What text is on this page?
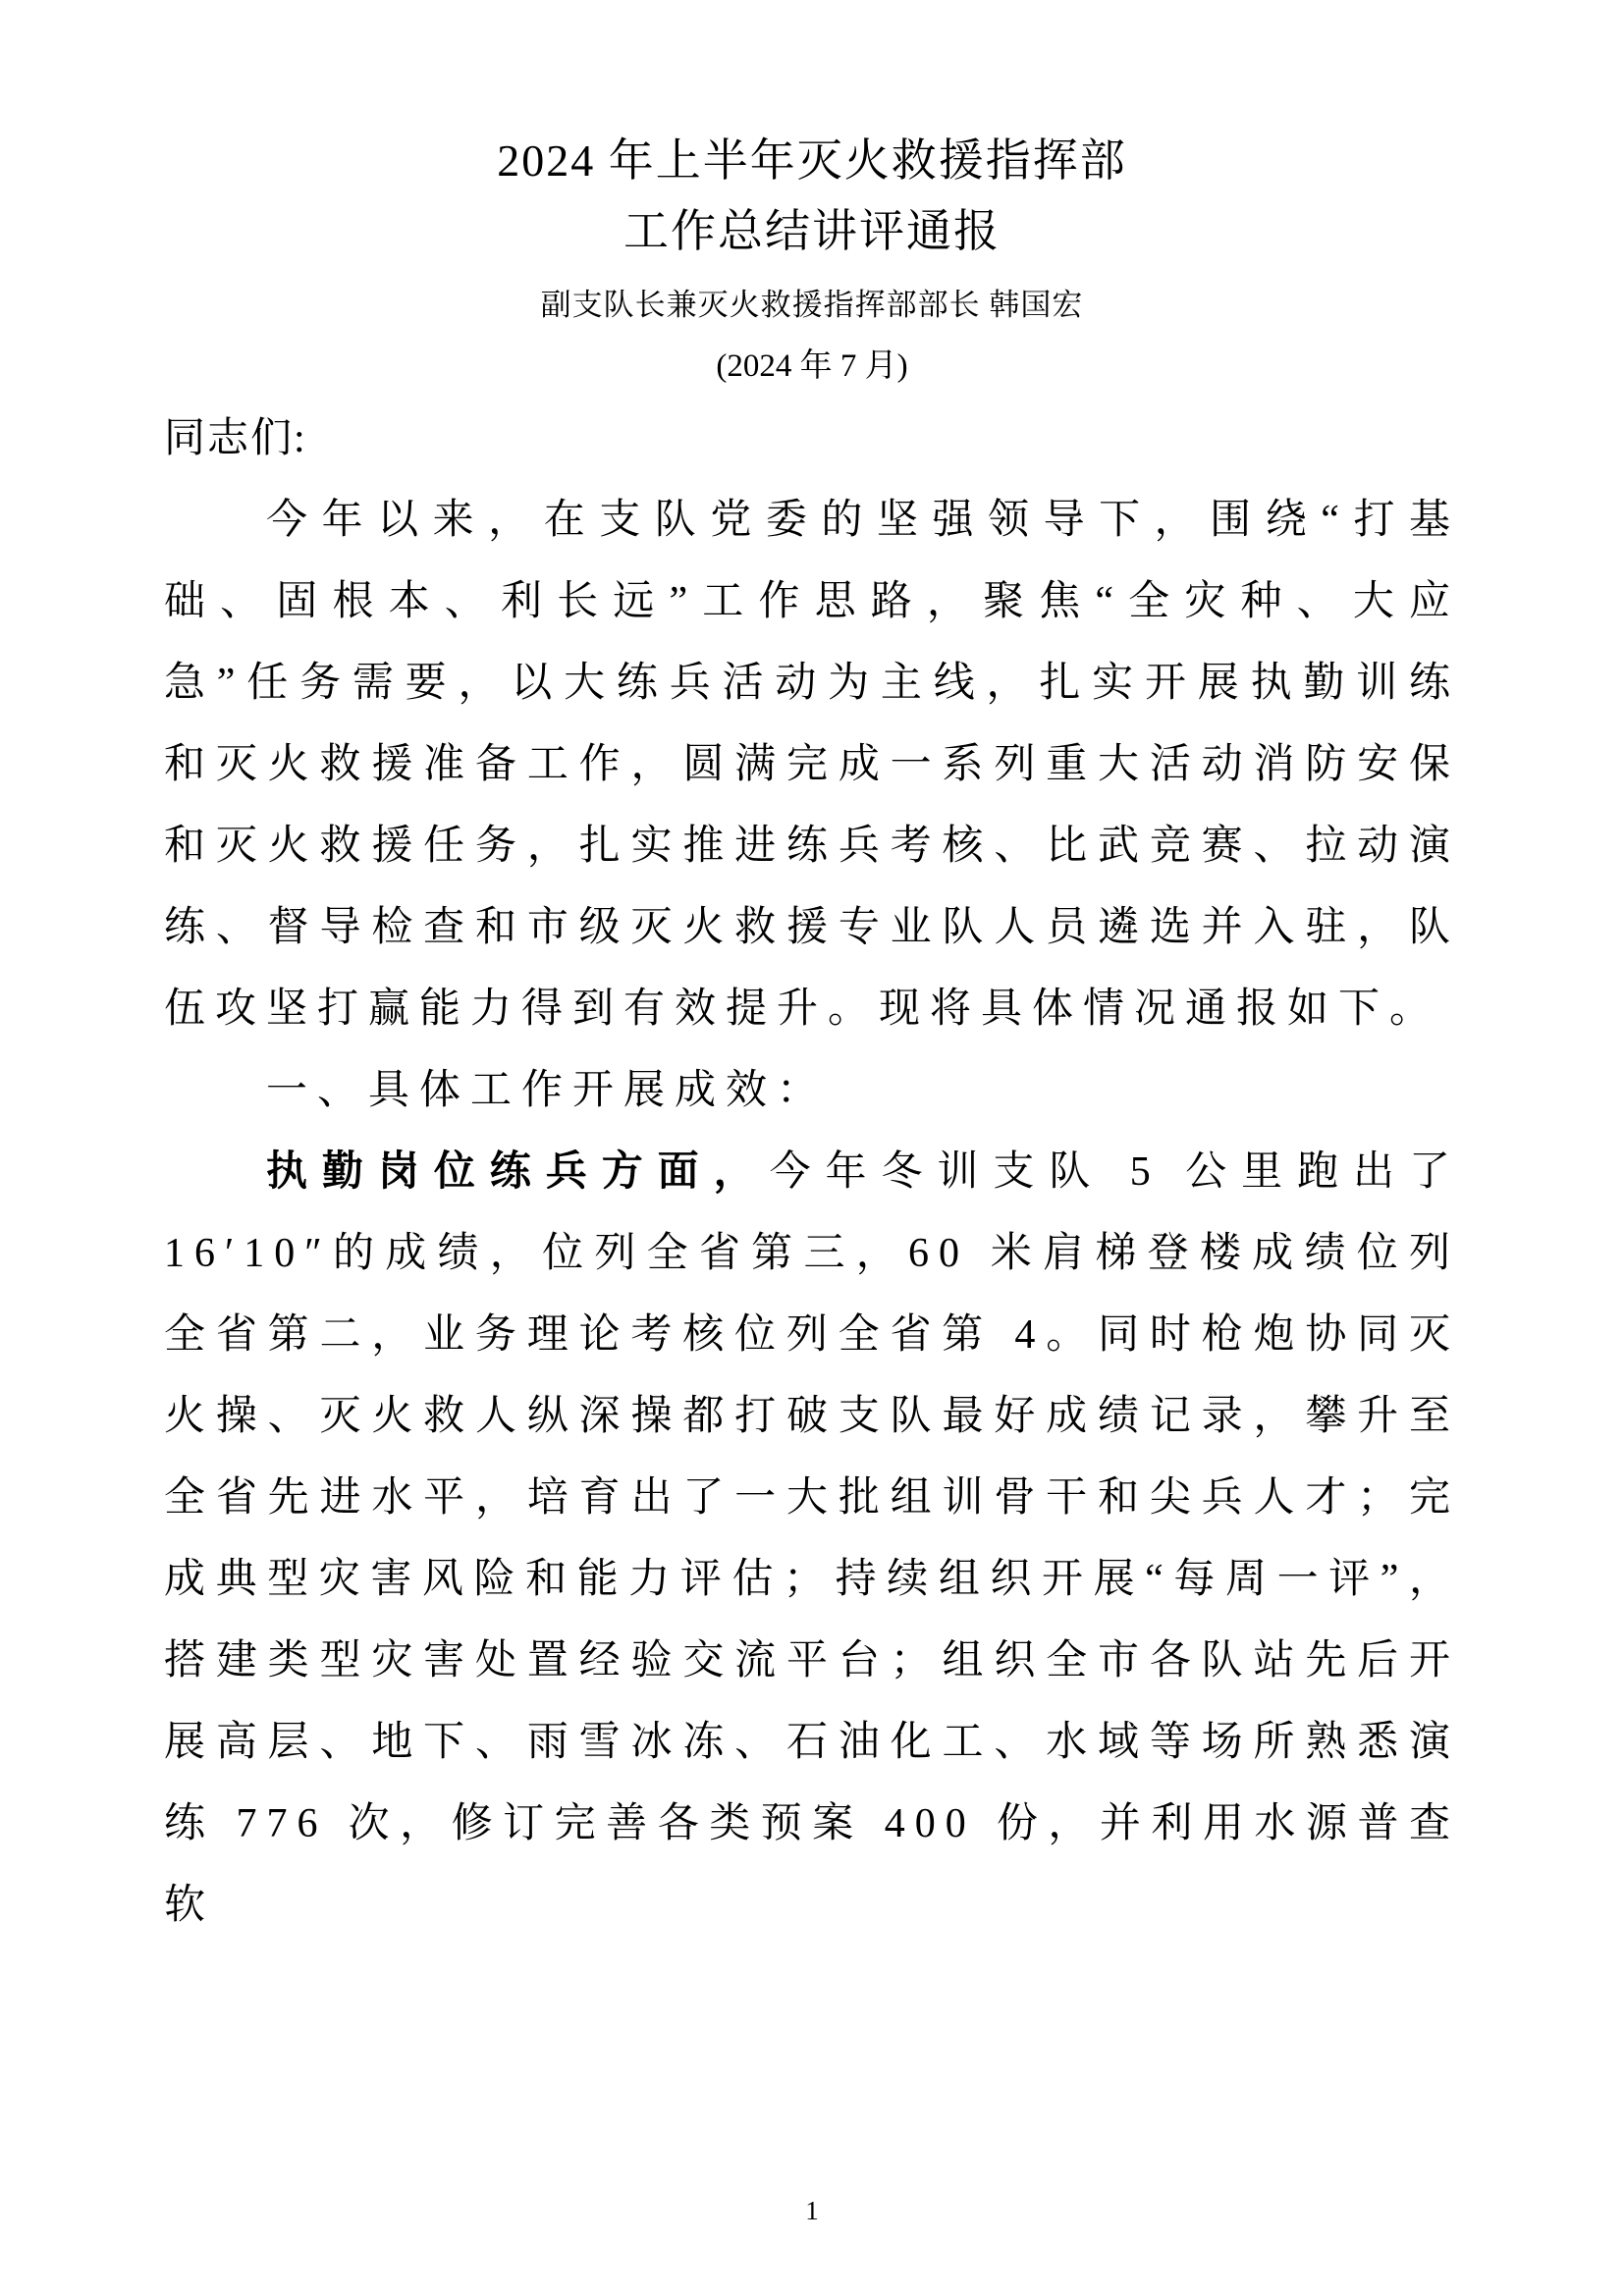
2024 年上半年灭火救援指挥部
工作总结讲评通报
副支队长兼灭火救援指挥部部长 韩国宏
(2024 年 7 月)

同志们:

今年以来，在支队党委的坚强领导下，围绕“打基础、固根本、利长远”工作思路，聚焦“全灾种、大应急”任务需要，以大练兵活动为主线，扎实开展执勤训练和灭火救援准备工作，圆满完成一系列重大活动消防安保和灭火救援任务，扎实推进练兵考核、比武竞赛、拉动演练、督导检查和市级灭火救援专业队人员遴选并入驻，队伍攻坚打赢能力得到有效提升。现将具体情况通报如下。

一、具体工作开展成效：

执勤岗位练兵方面，今年冬训支队 5 公里跑出了 16′10″的成绩，位列全省第三，60 米肩梯登楼成绩位列全省第二，业务理论考核位列全省第 4。同时枪炮协同灭火操、灭火救人纵深操都打破支队最好成绩记录，攀升至全省先进水平，培育出了一大批组训骨干和尖兵人才；完成典型灾害风险和能力评估；持续组织开展“每周一评”，搭建类型灾害处置经验交流平台；组织全市各队站先后开展高层、地下、雨雪冰冻、石油化工、水域等场所熟悉演练 776 次，修订完善各类预案 400 份，并利用水源普查软

1
